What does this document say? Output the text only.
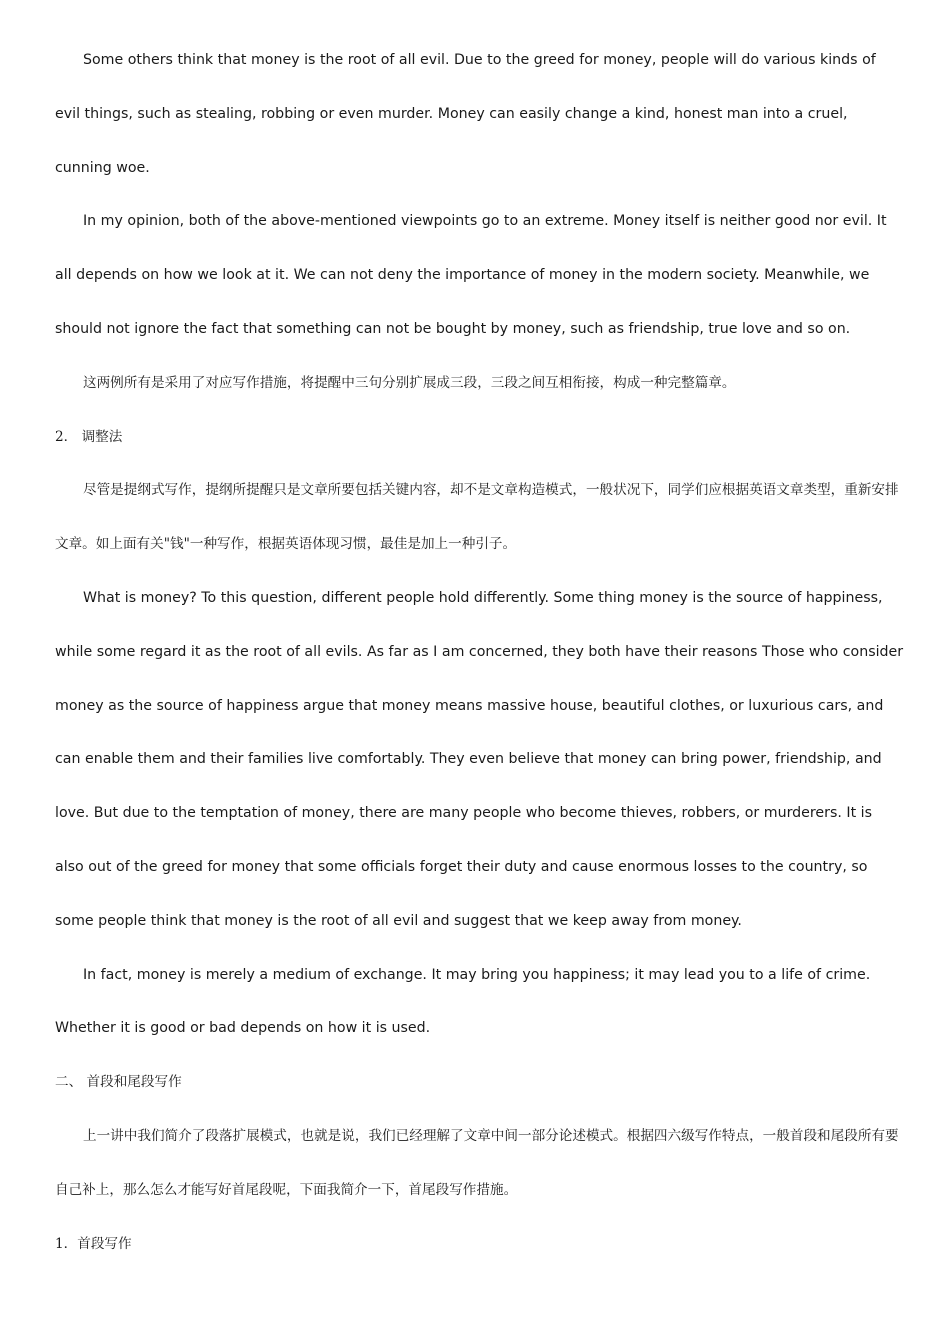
Some others think that money is the root of all evil. Due to the greed for money, people will do various kinds of evil things, such as stealing, robbing or even murder. Money can easily change a kind, honest man into a cruel, cunning woe.

In my opinion, both of the above-mentioned viewpoints go to an extreme. Money itself is neither good nor evil. It all depends on how we look at it. We can not deny the importance of money in the modern society. Meanwhile, we should not ignore the fact that something can not be bought by money, such as friendship, true love and so on.

这两例所有是采用了对应写作措施，将提醒中三句分别扩展成三段，三段之间互相衔接，构成一种完整篇章。

2． 调整法

尽管是提纲式写作，提纲所提醒只是文章所要包括关键内容，却不是文章构造模式，一般状况下，同学们应根据英语文章类型，重新安排文章。如上面有关"钱"一种写作，根据英语体现习惯，最佳是加上一种引子。

What is money? To this question, different people hold differently. Some thing money is the source of happiness, while some regard it as the root of all evils. As far as I am concerned, they both have their reasons Those who consider money as the source of happiness argue that money means massive house, beautiful clothes, or luxurious cars, and can enable them and their families live comfortably. They even believe that money can bring power, friendship, and love. But due to the temptation of money, there are many people who become thieves, robbers, or murderers. It is also out of the greed for money that some officials forget their duty and cause enormous losses to the country, so some people think that money is the root of all evil and suggest that we keep away from money.

In fact, money is merely a medium of exchange. It may bring you happiness; it may lead you to a life of crime. Whether it is good or bad depends on how it is used.

二、 首段和尾段写作

上一讲中我们简介了段落扩展模式，也就是说，我们已经理解了文章中间一部分论述模式。根据四六级写作特点，一般首段和尾段所有要自己补上，那么怎么才能写好首尾段呢，下面我简介一下，首尾段写作措施。

1．首段写作
